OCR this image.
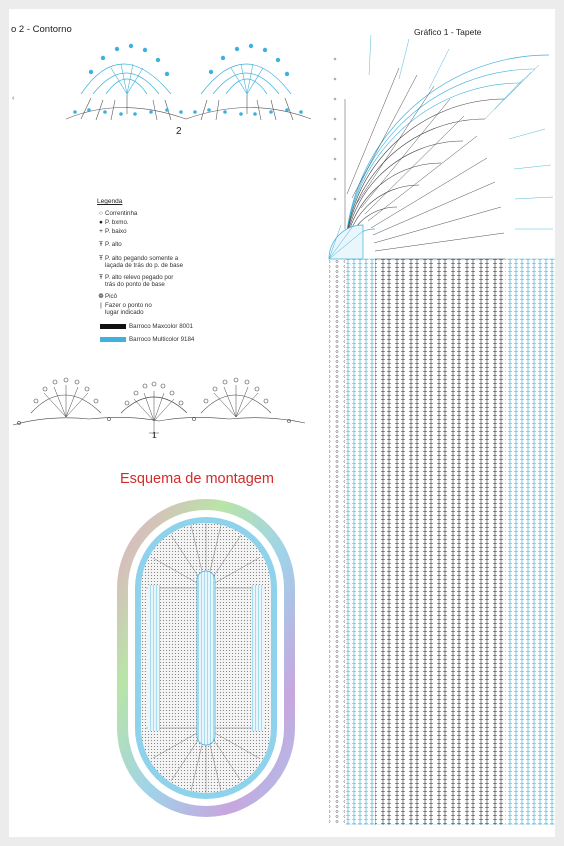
o 2 - Contorno
‹
2
Legenda
○ Correntinha
● P. bxmo.
+ P. baixo
Ŧ P. alto
Ŧ P. alto pegando somente a
laçada de trás do p. de base
Ŧ P. alto relevo pegado por
trás do ponto de base
❁ Picô
| Fazer o ponto no
lugar indicado
Barroco Maxcolor 8001
Barroco Multicolor 9184
1
Esquema de montagem
Gráfico 1 - Tapete
